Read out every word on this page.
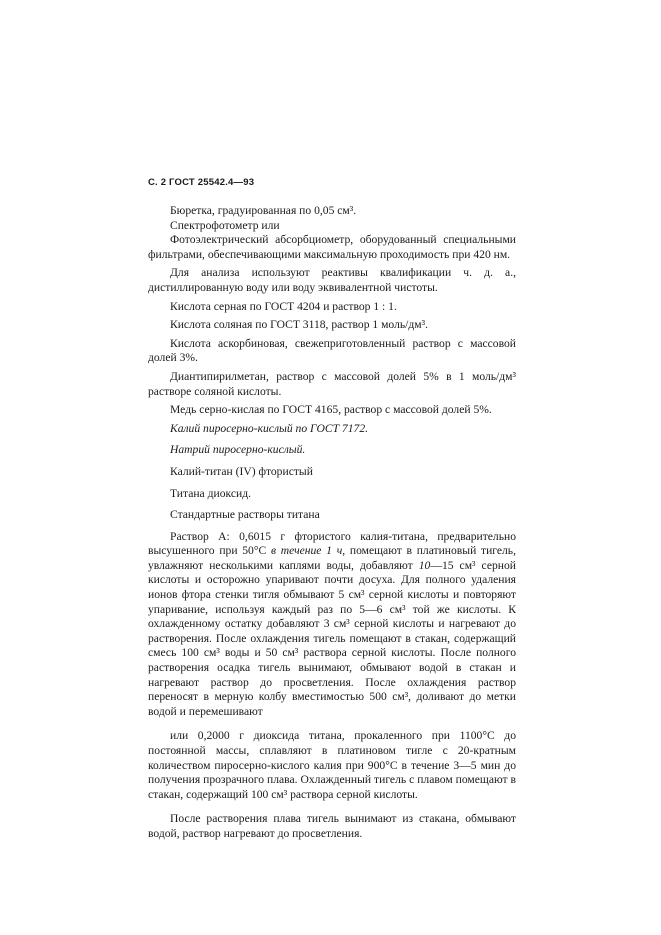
С. 2 ГОСТ 25542.4—93

Бюретка, градуированная по 0,05 см³.

Спектрофотометр или

Фотоэлектрический абсорбциометр, оборудованный специальными фильтрами, обеспечивающими максимальную проходимость при 420 нм.

Для анализа используют реактивы квалификации ч. д. а., дистиллированную воду или воду эквивалентной чистоты.

Кислота серная по ГОСТ 4204 и раствор 1 : 1.

Кислота соляная по ГОСТ 3118, раствор 1 моль/дм³.

Кислота аскорбиновая, свежеприготовленный раствор с массовой долей 3%.

Диантипирилметан, раствор с массовой долей 5% в 1 моль/дм³ растворе соляной кислоты.

Медь серно-кислая по ГОСТ 4165, раствор с массовой долей 5%.

Калий пиросерно-кислый по ГОСТ 7172.

Натрий пиросерно-кислый.

Калий-титан (IV) фтористый

Титана диоксид.

Стандартные растворы титана

Раствор А: 0,6015 г фтористого калия-титана, предварительно высушенного при 50°С в течение 1 ч, помещают в платиновый тигель, увлажняют несколькими каплями воды, добавляют 10—15 см³ серной кислоты и осторожно упаривают почти досуха. Для полного удаления ионов фтора стенки тигля обмывают 5 см³ серной кислоты и повторяют упаривание, используя каждый раз по 5—6 см³ той же кислоты. К охлажденному остатку добавляют 3 см³ серной кислоты и нагревают до растворения. После охлаждения тигель помещают в стакан, содержащий смесь 100 см³ воды и 50 см³ раствора серной кислоты. После полного растворения осадка тигель вынимают, обмывают водой в стакан и нагревают раствор до просветления. После охлаждения раствор переносят в мерную колбу вместимостью 500 см³, доливают до метки водой и перемешивают

или 0,2000 г диоксида титана, прокаленного при 1100°С до постоянной массы, сплавляют в платиновом тигле с 20-кратным количеством пиросерно-кислого калия при 900°С в течение 3—5 мин до получения прозрачного плава. Охлажденный тигель с плавом помещают в стакан, содержащий 100 см³ раствора серной кислоты.

После растворения плава тигель вынимают из стакана, обмывают водой, раствор нагревают до просветления.
